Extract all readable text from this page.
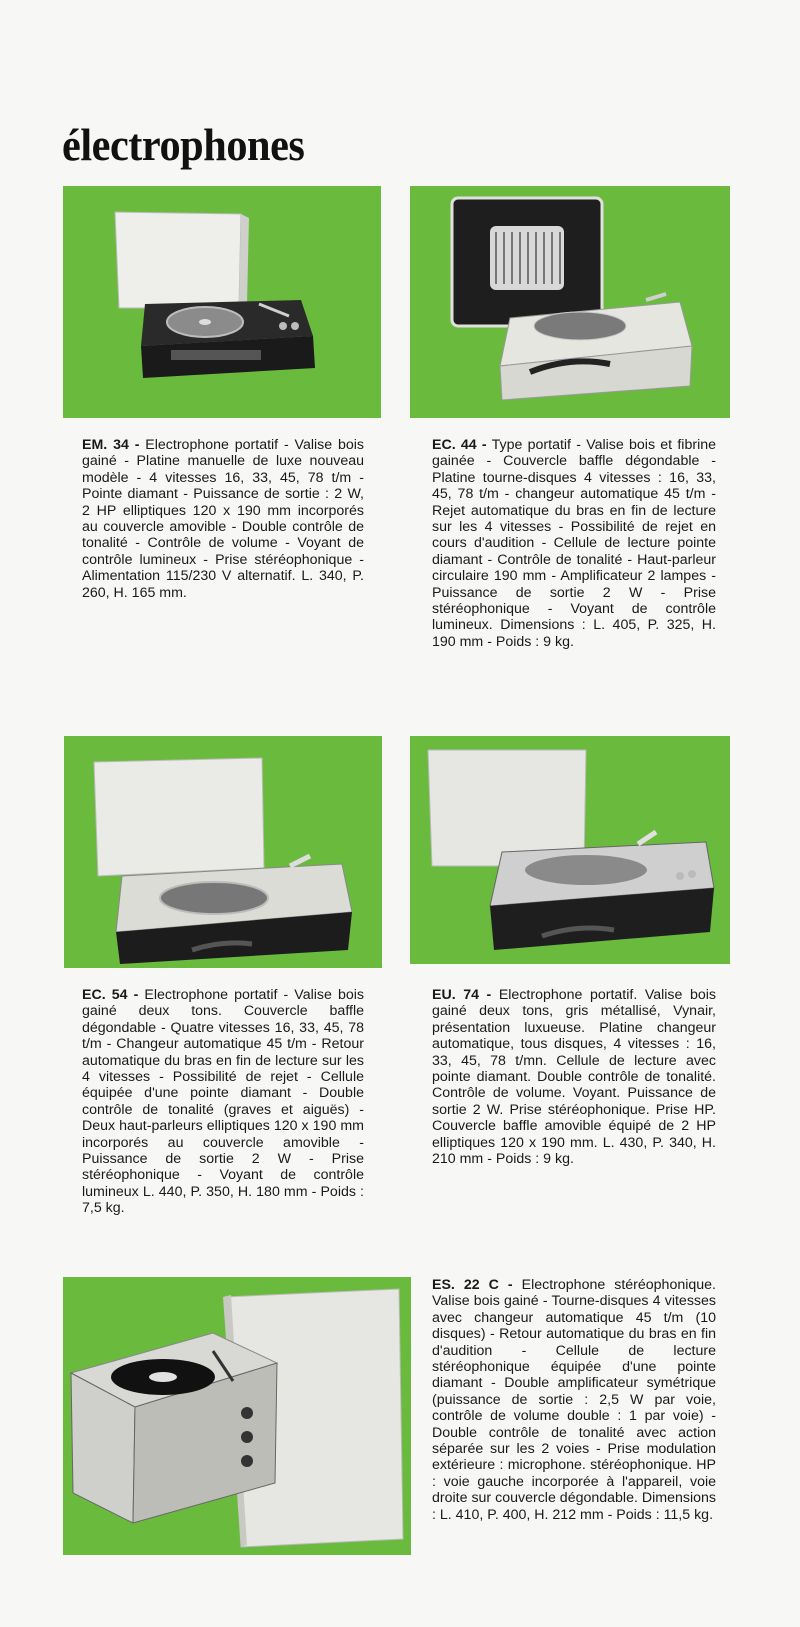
électrophones
EM. 34 - Electrophone portatif - Valise bois gainé - Platine manuelle de luxe nouveau modèle - 4 vitesses 16, 33, 45, 78 t/m - Pointe diamant - Puissance de sortie : 2 W, 2 HP elliptiques 120 x 190 mm incorporés au couvercle amovible - Double contrôle de tonalité - Contrôle de volume - Voyant de contrôle lumineux - Prise stéréophonique - Alimentation 115/230 V alternatif. L. 340, P. 260, H. 165 mm.
EC. 44 - Type portatif - Valise bois et fibrine gainée - Couvercle baffle dégondable - Platine tourne-disques 4 vitesses : 16, 33, 45, 78 t/m - changeur automatique 45 t/m - Rejet automatique du bras en fin de lecture sur les 4 vitesses - Possibilité de rejet en cours d'audition - Cellule de lecture pointe diamant - Contrôle de tonalité - Haut-parleur circulaire 190 mm - Amplificateur 2 lampes - Puissance de sortie 2 W - Prise stéréophonique - Voyant de contrôle lumineux. Dimensions : L. 405, P. 325, H. 190 mm - Poids : 9 kg.
EC. 54 - Electrophone portatif - Valise bois gainé deux tons. Couvercle baffle dégondable - Quatre vitesses 16, 33, 45, 78 t/m - Changeur automatique 45 t/m - Retour automatique du bras en fin de lecture sur les 4 vitesses - Possibilité de rejet - Cellule équipée d'une pointe diamant - Double contrôle de tonalité (graves et aiguës) - Deux haut-parleurs elliptiques 120 x 190 mm incorporés au couvercle amovible - Puissance de sortie 2 W - Prise stéréophonique - Voyant de contrôle lumineux L. 440, P. 350, H. 180 mm - Poids : 7,5 kg.
EU. 74 - Electrophone portatif. Valise bois gainé deux tons, gris métallisé, Vynair, présentation luxueuse. Platine changeur automatique, tous disques, 4 vitesses : 16, 33, 45, 78 t/mn. Cellule de lecture avec pointe diamant. Double contrôle de tonalité. Contrôle de volume. Voyant. Puissance de sortie 2 W. Prise stéréophonique. Prise HP. Couvercle baffle amovible équipé de 2 HP elliptiques 120 x 190 mm. L. 430, P. 340, H. 210 mm - Poids : 9 kg.
ES. 22 C - Electrophone stéréophonique. Valise bois gainé - Tourne-disques 4 vitesses avec changeur automatique 45 t/m (10 disques) - Retour automatique du bras en fin d'audition - Cellule de lecture stéréophonique équipée d'une pointe diamant - Double amplificateur symétrique (puissance de sortie : 2,5 W par voie, contrôle de volume double : 1 par voie) - Double contrôle de tonalité avec action séparée sur les 2 voies - Prise modulation extérieure : microphone. stéréophonique. HP : voie gauche incorporée à l'appareil, voie droite sur couvercle dégondable. Dimensions : L. 410, P. 400, H. 212 mm - Poids : 11,5 kg.
